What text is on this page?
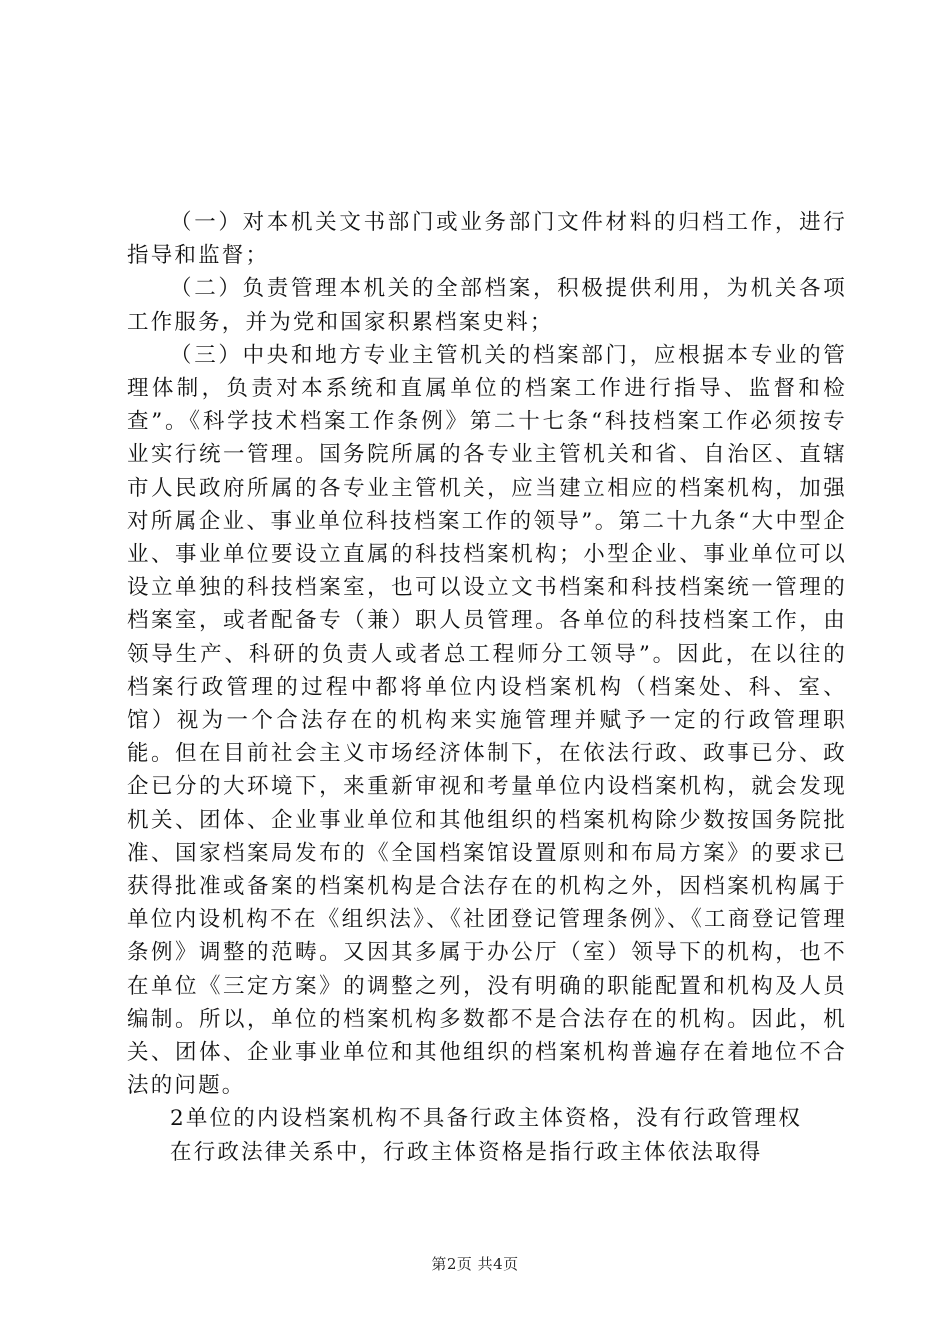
（一）对本机关文书部门或业务部门文件材料的归档工作，进行指导和监督；

（二）负责管理本机关的全部档案，积极提供利用，为机关各项工作服务，并为党和国家积累档案史料；

（三）中央和地方专业主管机关的档案部门，应根据本专业的管理体制，负责对本系统和直属单位的档案工作进行指导、监督和检查”。《科学技术档案工作条例》第二十七条“科技档案工作必须按专业实行统一管理。国务院所属的各专业主管机关和省、自治区、直辖市人民政府所属的各专业主管机关，应当建立相应的档案机构，加强对所属企业、事业单位科技档案工作的领导”。第二十九条“大中型企业、事业单位要设立直属的科技档案机构；小型企业、事业单位可以设立单独的科技档案室，也可以设立文书档案和科技档案统一管理的档案室，或者配备专（兼）职人员管理。各单位的科技档案工作，由领导生产、科研的负责人或者总工程师分工领导”。因此，在以往的档案行政管理的过程中都将单位内设档案机构（档案处、科、室、馆）视为一个合法存在的机构来实施管理并赋予一定的行政管理职能。但在目前社会主义市场经济体制下，在依法行政、政事已分、政企已分的大环境下，来重新审视和考量单位内设档案机构，就会发现机关、团体、企业事业单位和其他组织的档案机构除少数按国务院批准、国家档案局发布的《全国档案馆设置原则和布局方案》的要求已获得批准或备案的档案机构是合法存在的机构之外，因档案机构属于单位内设机构不在《组织法》、《社团登记管理条例》、《工商登记管理条例》调整的范畴。又因其多属于办公厅（室）领导下的机构，也不在单位《三定方案》的调整之列，没有明确的职能配置和机构及人员编制。所以，单位的档案机构多数都不是合法存在的机构。因此，机关、团体、企业事业单位和其他组织的档案机构普遍存在着地位不合法的问题。

2单位的内设档案机构不具备行政主体资格，没有行政管理权

在行政法律关系中，行政主体资格是指行政主体依法取得

第2页 共4页
